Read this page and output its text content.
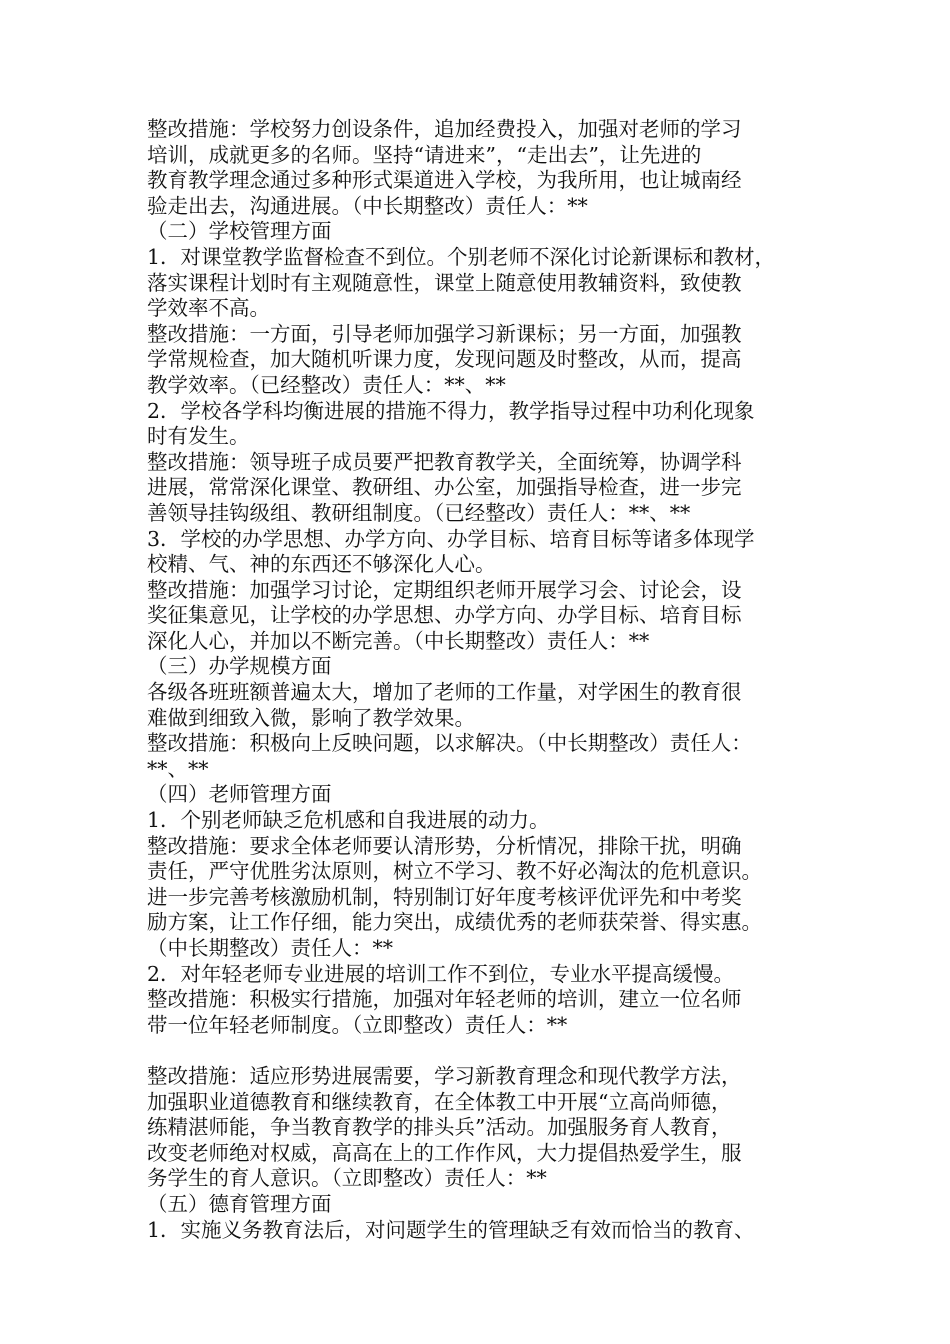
整改措施：学校努力创设条件，追加经费投入，加强对老师的学习
培训，成就更多的名师。坚持“请进来”，“走出去”，让先进的
教育教学理念通过多种形式渠道进入学校，为我所用，也让城南经
验走出去，沟通进展。（中长期整改）责任人：**
（二）学校管理方面
1．对课堂教学监督检查不到位。个别老师不深化讨论新课标和教材，
落实课程计划时有主观随意性，课堂上随意使用教辅资料，致使教
学效率不高。
整改措施：一方面，引导老师加强学习新课标；另一方面，加强教
学常规检查，加大随机听课力度，发现问题及时整改，从而，提高
教学效率。（已经整改）责任人：**、**
2．学校各学科均衡进展的措施不得力，教学指导过程中功利化现象
时有发生。
整改措施：领导班子成员要严把教育教学关，全面统筹，协调学科
进展，常常深化课堂、教研组、办公室，加强指导检查，进一步完
善领导挂钩级组、教研组制度。（已经整改）责任人：**、**
3．学校的办学思想、办学方向、办学目标、培育目标等诸多体现学
校精、气、神的东西还不够深化人心。
整改措施：加强学习讨论，定期组织老师开展学习会、讨论会，设
奖征集意见，让学校的办学思想、办学方向、办学目标、培育目标
深化人心，并加以不断完善。（中长期整改）责任人：**
（三）办学规模方面
各级各班班额普遍太大，增加了老师的工作量，对学困生的教育很
难做到细致入微，影响了教学效果。
整改措施：积极向上反映问题，以求解决。（中长期整改）责任人：
**、**
（四）老师管理方面
1．个别老师缺乏危机感和自我进展的动力。
整改措施：要求全体老师要认清形势，分析情况，排除干扰，明确
责任，严守优胜劣汰原则，树立不学习、教不好必淘汰的危机意识。
进一步完善考核激励机制，特别制订好年度考核评优评先和中考奖
励方案，让工作仔细，能力突出，成绩优秀的老师获荣誉、得实惠。
（中长期整改）责任人：**
2．对年轻老师专业进展的培训工作不到位，专业水平提高缓慢。
整改措施：积极实行措施，加强对年轻老师的培训，建立一位名师
带一位年轻老师制度。（立即整改）责任人：**
整改措施：适应形势进展需要，学习新教育理念和现代教学方法，
加强职业道德教育和继续教育，在全体教工中开展“立高尚师德，
练精湛师能，争当教育教学的排头兵”活动。加强服务育人教育，
改变老师绝对权威，高高在上的工作作风，大力提倡热爱学生，服
务学生的育人意识。（立即整改）责任人：**
（五）德育管理方面
1．实施义务教育法后，对问题学生的管理缺乏有效而恰当的教育、
